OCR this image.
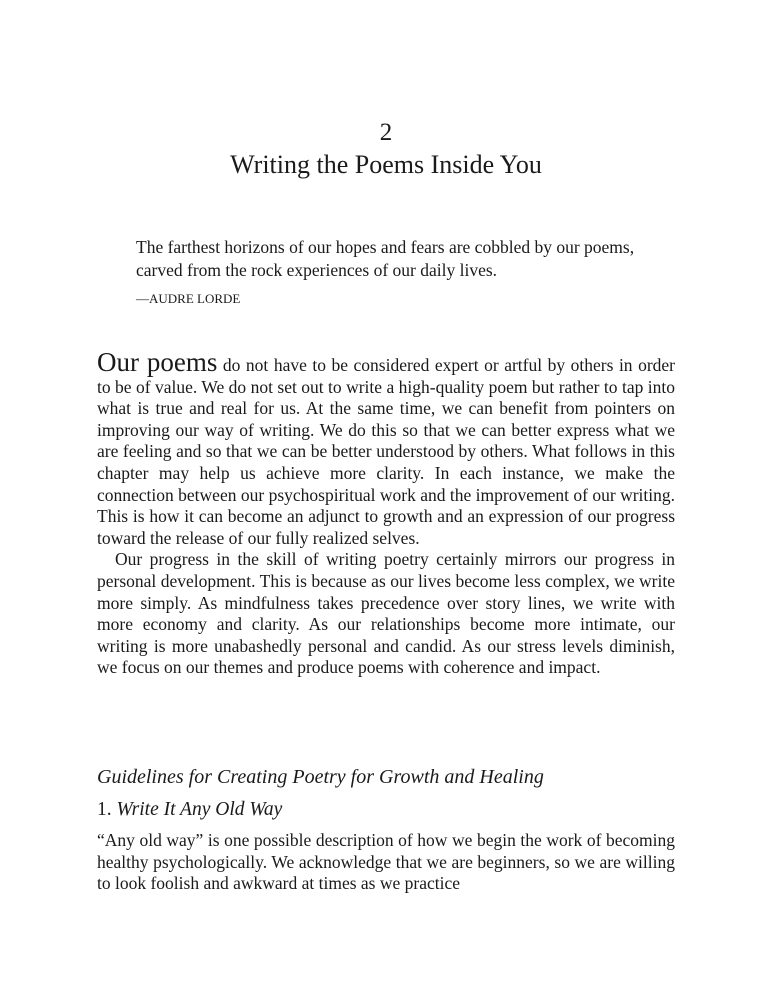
2
Writing the Poems Inside You

The farthest horizons of our hopes and fears are cobbled by our poems, carved from the rock experiences of our daily lives.

—AUDRE LORDE

Our poems do not have to be considered expert or artful by others in order to be of value. We do not set out to write a high-quality poem but rather to tap into what is true and real for us. At the same time, we can benefit from pointers on improving our way of writing. We do this so that we can better express what we are feeling and so that we can be better understood by others. What follows in this chapter may help us achieve more clarity. In each instance, we make the connection between our psychospiritual work and the improvement of our writing. This is how it can become an adjunct to growth and an expression of our progress toward the release of our fully realized selves.

Our progress in the skill of writing poetry certainly mirrors our progress in personal development. This is because as our lives become less complex, we write more simply. As mindfulness takes precedence over story lines, we write with more economy and clarity. As our relationships become more intimate, our writing is more unabashedly personal and candid. As our stress levels diminish, we focus on our themes and produce poems with coherence and impact.

Guidelines for Creating Poetry for Growth and Healing
1. Write It Any Old Way

“Any old way” is one possible description of how we begin the work of becoming healthy psychologically. We acknowledge that we are beginners, so we are willing to look foolish and awkward at times as we practice
